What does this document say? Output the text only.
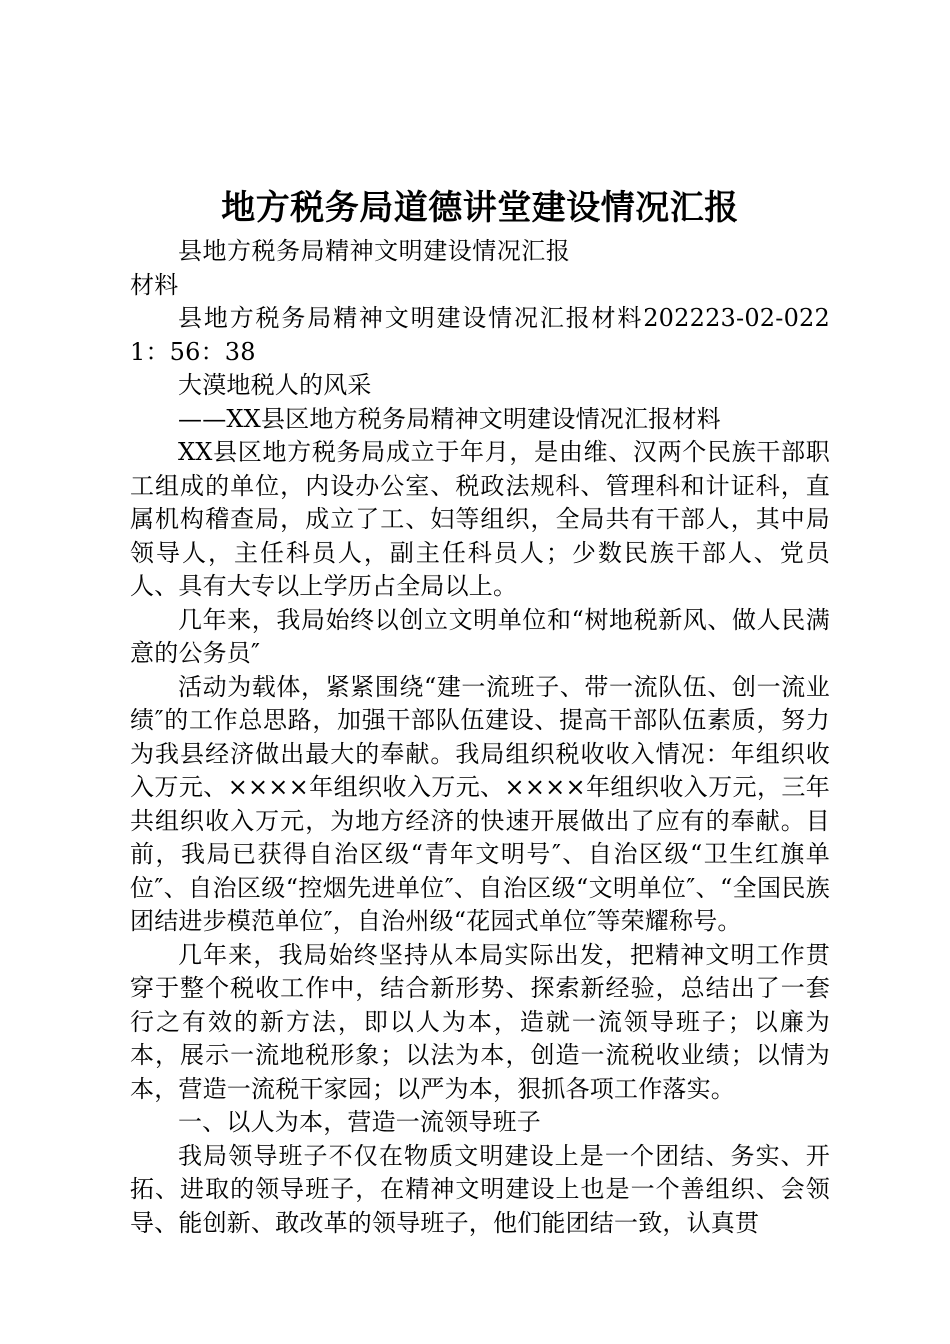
地方税务局道德讲堂建设情况汇报

县地方税务局精神文明建设情况汇报材料

县地方税务局精神文明建设情况汇报材料202223-02-0221：56：38

大漠地税人的风采

——XX县区地方税务局精神文明建设情况汇报材料

XX县区地方税务局成立于年月，是由维、汉两个民族干部职工组成的单位，内设办公室、税政法规科、管理科和计证科，直属机构稽查局，成立了工、妇等组织，全局共有干部人，其中局领导人，主任科员人，副主任科员人；少数民族干部人、党员人、具有大专以上学历占全局以上。

几年来，我局始终以创立文明单位和“树地税新风、做人民满意的公务员″

活动为载体，紧紧围绕“建一流班子、带一流队伍、创一流业绩″的工作总思路，加强干部队伍建设、提高干部队伍素质，努力为我县经济做出最大的奉献。我局组织税收收入情况：年组织收入万元、××××年组织收入万元、××××年组织收入万元，三年共组织收入万元，为地方经济的快速开展做出了应有的奉献。目前，我局已获得自治区级“青年文明号″、自治区级“卫生红旗单位″、自治区级“控烟先进单位″、自治区级“文明单位″、“全国民族团结进步模范单位″，自治州级“花园式单位″等荣耀称号。

几年来，我局始终坚持从本局实际出发，把精神文明工作贯穿于整个税收工作中，结合新形势、探索新经验，总结出了一套行之有效的新方法，即以人为本，造就一流领导班子；以廉为本，展示一流地税形象；以法为本，创造一流税收业绩；以情为本，营造一流税干家园；以严为本，狠抓各项工作落实。

一、以人为本，营造一流领导班子

我局领导班子不仅在物质文明建设上是一个团结、务实、开拓、进取的领导班子，在精神文明建设上也是一个善组织、会领导、能创新、敢改革的领导班子，他们能团结一致，认真贯
